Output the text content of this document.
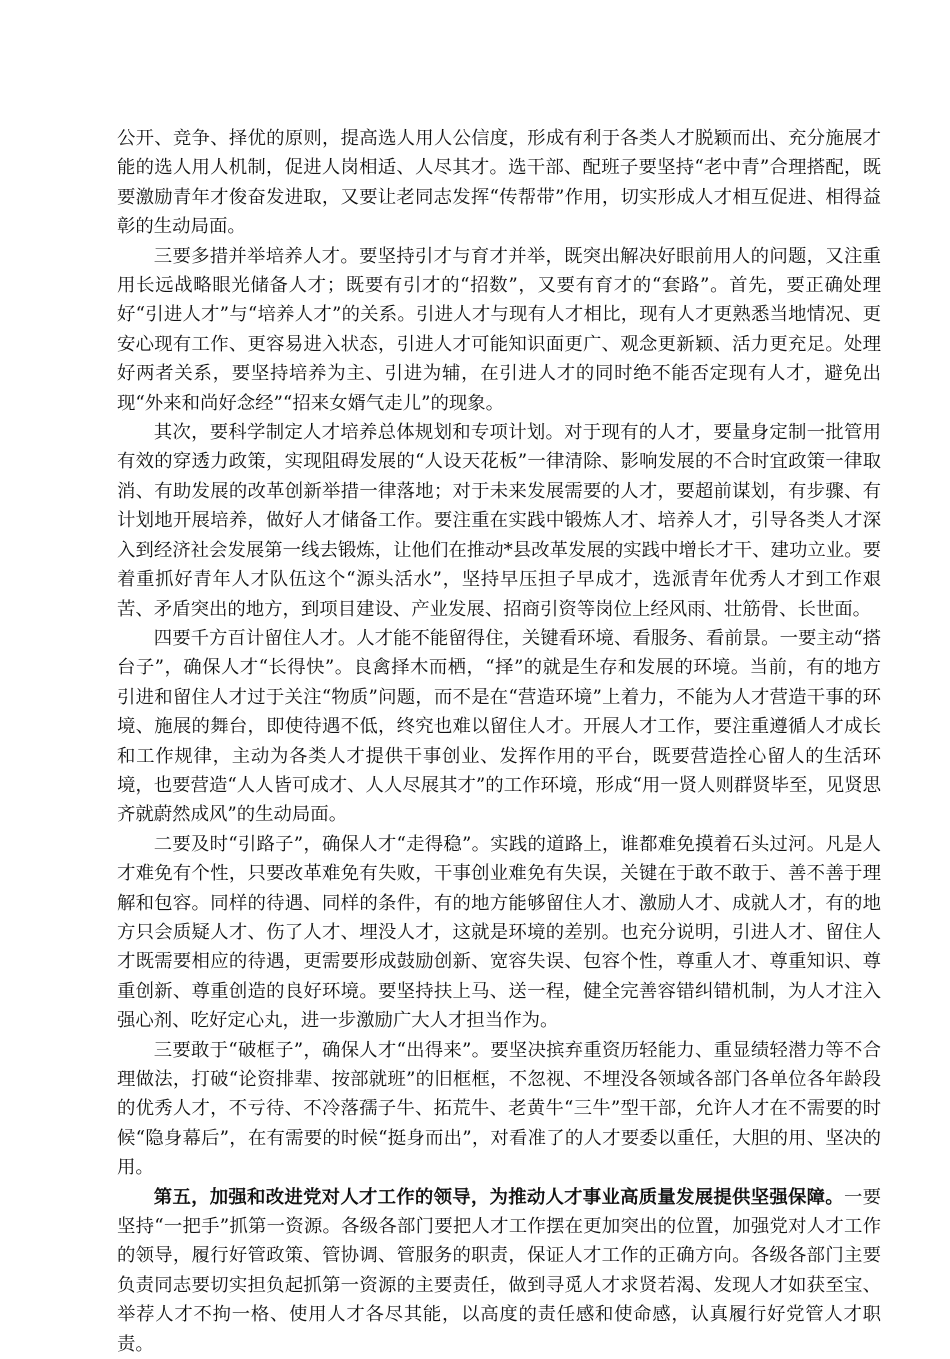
公开、竞争、择优的原则，提高选人用人公信度，形成有利于各类人才脱颖而出、充分施展才能的选人用人机制，促进人岗相适、人尽其才。选干部、配班子要坚持“老中青”合理搭配，既要激励青年才俊奋发进取，又要让老同志发挥“传帮带”作用，切实形成人才相互促进、相得益彰的生动局面。

三要多措并举培养人才。要坚持引才与育才并举，既突出解决好眼前用人的问题，又注重用长远战略眼光储备人才；既要有引才的“招数”，又要有育才的“套路”。首先，要正确处理好“引进人才”与“培养人才”的关系。引进人才与现有人才相比，现有人才更熟悉当地情况、更安心现有工作、更容易进入状态，引进人才可能知识面更广、观念更新颖、活力更充足。处理好两者关系，要坚持培养为主、引进为辅，在引进人才的同时绝不能否定现有人才，避免出现“外来和尚好念经”“招来女婿气走儿”的现象。

其次，要科学制定人才培养总体规划和专项计划。对于现有的人才，要量身定制一批管用有效的穿透力政策，实现阻碍发展的“人设天花板”一律清除、影响发展的不合时宜政策一律取消、有助发展的改革创新举措一律落地；对于未来发展需要的人才，要超前谋划，有步骤、有计划地开展培养，做好人才储备工作。要注重在实践中锻炼人才、培养人才，引导各类人才深入到经济社会发展第一线去锻炼，让他们在推动*县改革发展的实践中增长才干、建功立业。要着重抓好青年人才队伍这个“源头活水”，坚持早压担子早成才，选派青年优秀人才到工作艰苦、矛盾突出的地方，到项目建设、产业发展、招商引资等岗位上经风雨、壮筋骨、长世面。

四要千方百计留住人才。人才能不能留得住，关键看环境、看服务、看前景。一要主动“搭台子”，确保人才“长得快”。良禽择木而栖，“择”的就是生存和发展的环境。当前，有的地方引进和留住人才过于关注“物质”问题，而不是在“营造环境”上着力，不能为人才营造干事的环境、施展的舞台，即使待遇不低，终究也难以留住人才。开展人才工作，要注重遵循人才成长和工作规律，主动为各类人才提供干事创业、发挥作用的平台，既要营造拴心留人的生活环境，也要营造“人人皆可成才、人人尽展其才”的工作环境，形成“用一贤人则群贤毕至，见贤思齐就蔚然成风”的生动局面。

二要及时“引路子”，确保人才“走得稳”。实践的道路上，谁都难免摸着石头过河。凡是人才难免有个性，只要改革难免有失败，干事创业难免有失误，关键在于敢不敢于、善不善于理解和包容。同样的待遇、同样的条件，有的地方能够留住人才、激励人才、成就人才，有的地方只会质疑人才、伤了人才、埋没人才，这就是环境的差别。也充分说明，引进人才、留住人才既需要相应的待遇，更需要形成鼓励创新、宽容失误、包容个性，尊重人才、尊重知识、尊重创新、尊重创造的良好环境。要坚持扶上马、送一程，健全完善容错纠错机制，为人才注入强心剂、吃好定心丸，进一步激励广大人才担当作为。

三要敢于“破框子”，确保人才“出得来”。要坚决摈弃重资历轻能力、重显绩轻潜力等不合理做法，打破“论资排辈、按部就班”的旧框框，不忽视、不埋没各领域各部门各单位各年龄段的优秀人才，不亏待、不冷落孺子牛、拓荒牛、老黄牛“三牛”型干部，允许人才在不需要的时候“隐身幕后”，在有需要的时候“挺身而出”，对看准了的人才要委以重任，大胆的用、坚决的用。

第五，加强和改进党对人才工作的领导，为推动人才事业高质量发展提供坚强保障。一要坚持“一把手”抓第一资源。各级各部门要把人才工作摆在更加突出的位置，加强党对人才工作的领导，履行好管政策、管协调、管服务的职责，保证人才工作的正确方向。各级各部门主要负责同志要切实担负起抓第一资源的主要责任，做到寻觅人才求贤若渴、发现人才如获至宝、举荐人才不拘一格、使用人才各尽其能，以高度的责任感和使命感，认真履行好党管人才职责。
